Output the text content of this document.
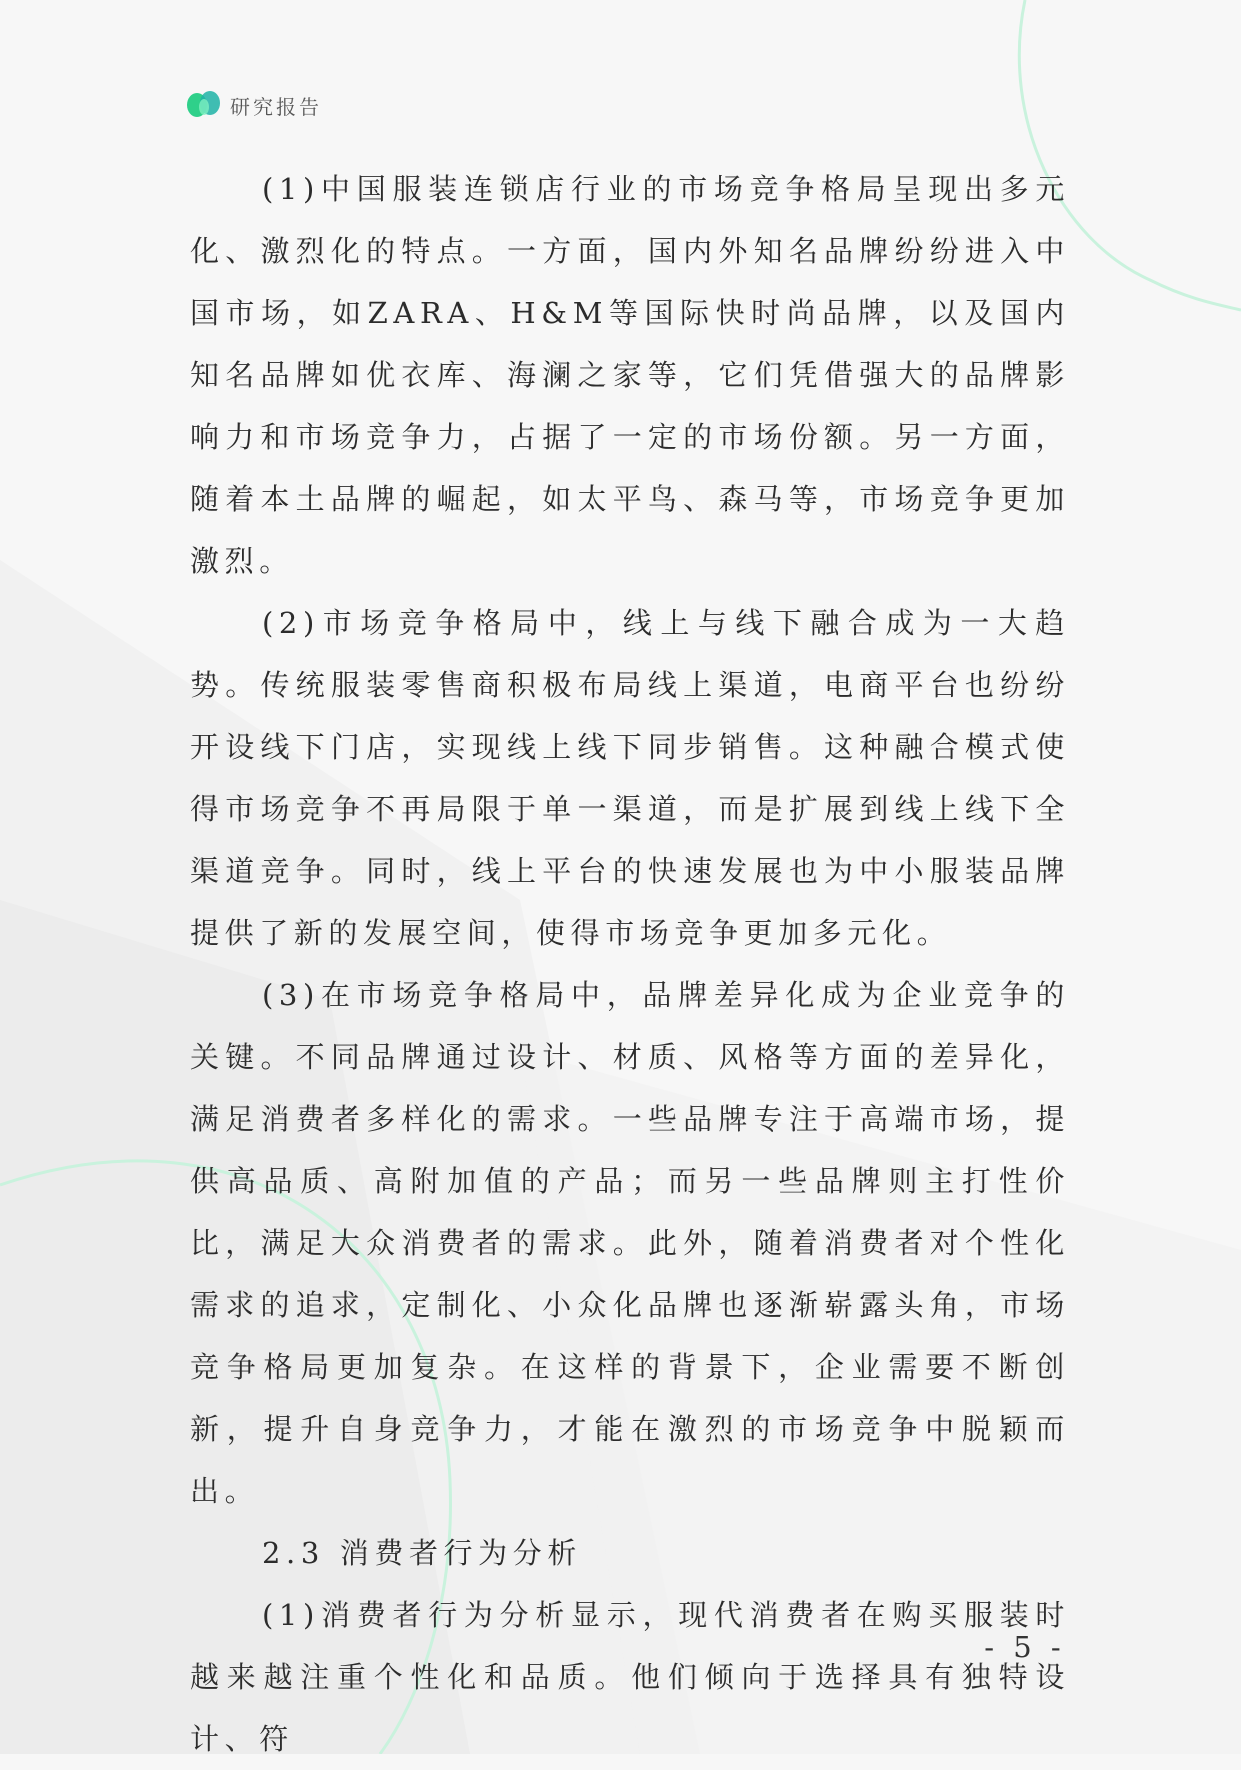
研究报告

(1)中国服装连锁店行业的市场竞争格局呈现出多元化、激烈化的特点。一方面，国内外知名品牌纷纷进入中国市场，如ZARA、H&M等国际快时尚品牌，以及国内知名品牌如优衣库、海澜之家等，它们凭借强大的品牌影响力和市场竞争力，占据了一定的市场份额。另一方面，随着本土品牌的崛起，如太平鸟、森马等，市场竞争更加激烈。

(2)市场竞争格局中，线上与线下融合成为一大趋势。传统服装零售商积极布局线上渠道，电商平台也纷纷开设线下门店，实现线上线下同步销售。这种融合模式使得市场竞争不再局限于单一渠道，而是扩展到线上线下全渠道竞争。同时，线上平台的快速发展也为中小服装品牌提供了新的发展空间，使得市场竞争更加多元化。

(3)在市场竞争格局中，品牌差异化成为企业竞争的关键。不同品牌通过设计、材质、风格等方面的差异化，满足消费者多样化的需求。一些品牌专注于高端市场，提供高品质、高附加值的产品；而另一些品牌则主打性价比，满足大众消费者的需求。此外，随着消费者对个性化需求的追求，定制化、小众化品牌也逐渐崭露头角，市场竞争格局更加复杂。在这样的背景下，企业需要不断创新，提升自身竞争力，才能在激烈的市场竞争中脱颖而出。

2.3 消费者行为分析

(1)消费者行为分析显示，现代消费者在购买服装时越来越注重个性化和品质。他们倾向于选择具有独特设计、符

- 5 -
